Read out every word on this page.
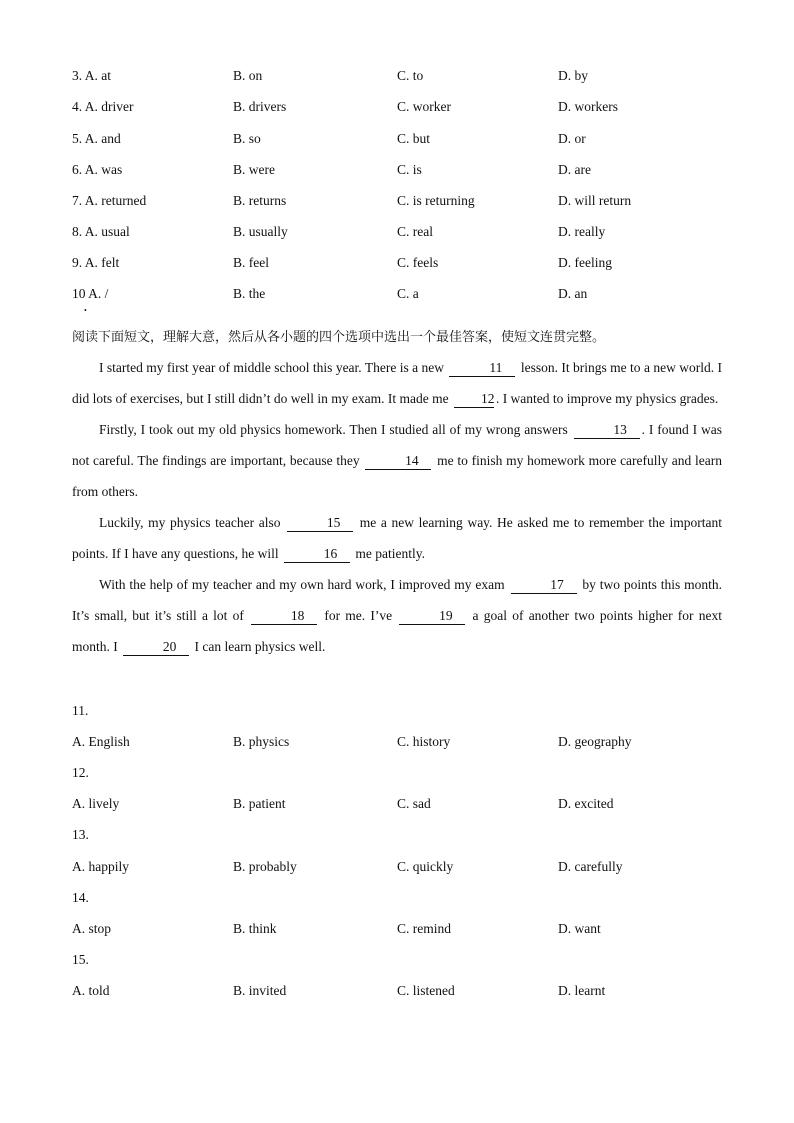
3. A. at	B. on	C. to	D. by
4. A. driver	B. drivers	C. worker	D. workers
5. A. and	B. so	C. but	D. or
6. A. was	B. were	C. is	D. are
7. A. returned	B. returns	C. is returning	D. will return
8. A. usual	B. usually	C. real	D. really
9. A. felt	B. feel	C. feels	D. feeling
10 A. /	B. the	C. a	D. an
•
阅读下面短文，理解大意，然后从各小题的四个选项中选出一个最佳答案，使短文连贯完整。

I started my first year of middle school this year. There is a new	11 lesson. It brings me to a new world. I did lots of exercises, but I still didn’t do well in my exam. It made me 12 . I wanted to improve my physics grades.

Firstly, I took out my old physics homework. Then I studied all of my wrong answers	13 . I found I was not careful. The findings are important, because they	14 me to finish my homework more carefully and learn from others.

Luckily, my physics teacher also	15 me a new learning way. He asked me to remember the important points. If I have any questions, he will	16 me patiently.

With the help of my teacher and my own hard work, I improved my exam	17 by two points this month. It’s small, but it’s still a lot of	18 for me. I’ve	19 a goal of another two points higher for next month. I	20 I can learn physics well.

11.
A. English	B. physics	C. history	D. geography
12.
A. lively	B. patient	C. sad	D. excited
13.
A. happily	B. probably	C. quickly	D. carefully
14.
A. stop	B. think	C. remind	D. want
15.
A. told	B. invited	C. listened	D. learnt
